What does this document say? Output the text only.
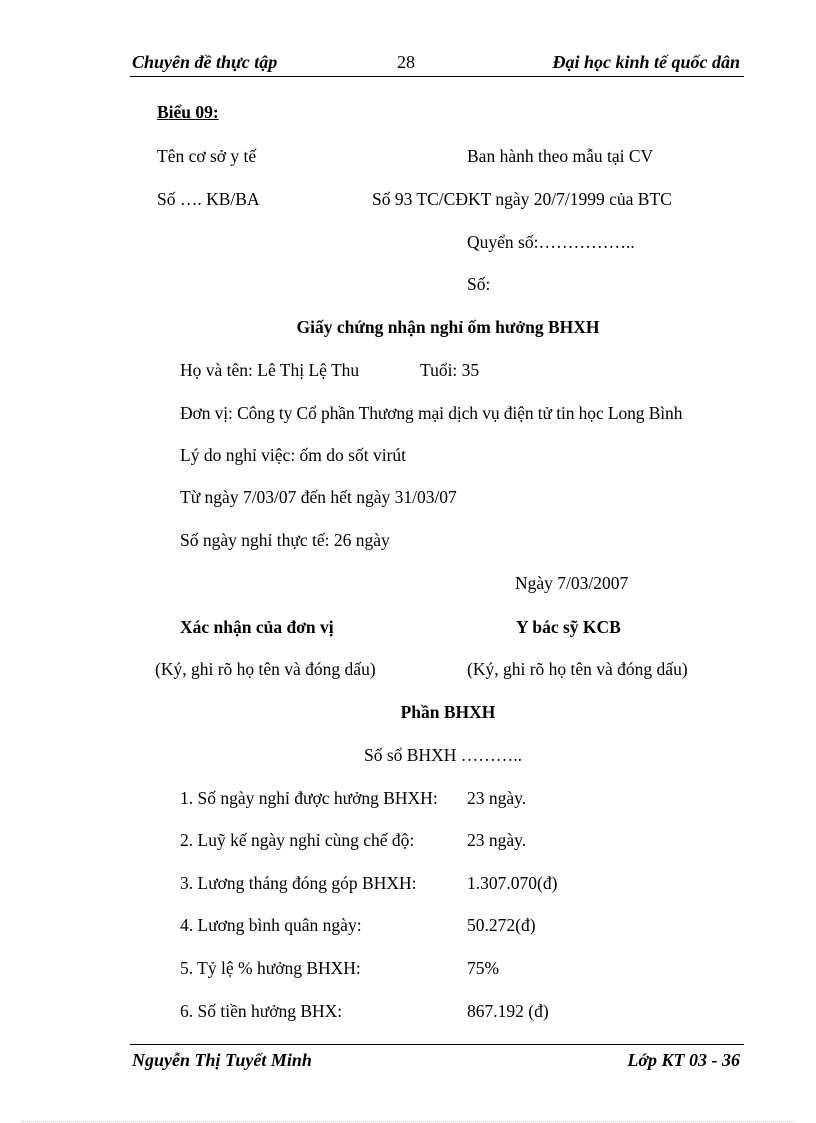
Chuyên đề thực tập	28	Đại học kinh tế quốc dân
Biểu 09:
Tên cơ sở y tế	Ban hành theo mẫu tại CV
Số …. KB/BA	Số 93 TC/CĐKT ngày 20/7/1999 của BTC
Quyển số:……………..
Số:
Giấy chứng nhận nghỉ ốm hưởng BHXH
Họ và tên: Lê Thị Lệ Thu	Tuổi: 35
Đơn vị: Công ty Cổ phần Thương mại dịch vụ điện tử tin học Long Bình
Lý do nghỉ việc: ốm do sốt virút
Từ ngày 7/03/07 đến hết ngày 31/03/07
Số ngày nghỉ thực tế: 26 ngày
Ngày 7/03/2007
Xác nhận của đơn vị	Y bác sỹ KCB
(Ký, ghi rõ họ tên và đóng dấu)	(Ký, ghi rõ họ tên và đóng dấu)
Phần BHXH
Số sổ BHXH ………..
1. Số ngày nghỉ được hưởng BHXH: 23 ngày.
2. Luỹ kế ngày nghỉ cùng chế độ:	23 ngày.
3. Lương tháng đóng góp BHXH:	1.307.070(đ)
4. Lương bình quân ngày:	50.272(đ)
5. Tỷ lệ % hưởng BHXH:	75%
6. Số tiền hưởng BHX:	867.192 (đ)
Nguyễn Thị Tuyết Minh	Lớp KT 03 - 36
